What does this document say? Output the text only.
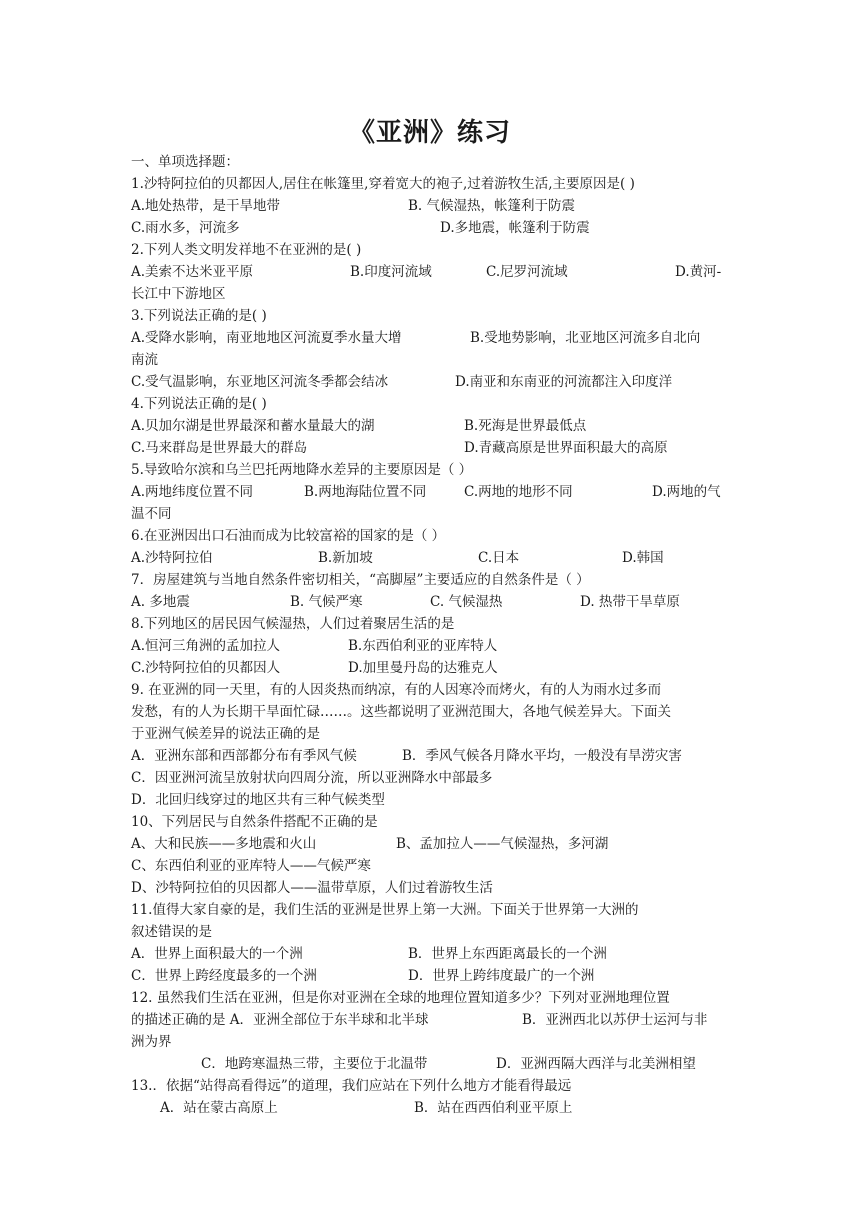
《亚洲》练习
一、单项选择题：
1.沙特阿拉伯的贝都因人,居住在帐篷里,穿着宽大的袍子,过着游牧生活,主要原因是( )
A.地处热带，是干旱地带	B. 气候湿热，帐篷利于防震
C.雨水多，河流多	D.多地震，帐篷利于防震
2.下列人类文明发祥地不在亚洲的是( )
A.美索不达米亚平原	B.印度河流域	C.尼罗河流域	D.黄河-
长江中下游地区
3.下列说法正确的是( )
A.受降水影响，南亚地地区河流夏季水量大增	B.受地势影响，北亚地区河流多自北向
南流
C.受气温影响，东亚地区河流冬季都会结冰	D.南亚和东南亚的河流都注入印度洋
4.下列说法正确的是( )
A.贝加尔湖是世界最深和蓄水量最大的湖	B.死海是世界最低点
C.马来群岛是世界最大的群岛	D.青藏高原是世界面积最大的高原
5.导致哈尔滨和乌兰巴托两地降水差异的主要原因是（ ）
A.两地纬度位置不同	B.两地海陆位置不同	C.两地的地形不同	D.两地的气
温不同
6.在亚洲因出口石油而成为比较富裕的国家的是（ ）
A.沙特阿拉伯	B.新加坡	C.日本	D.韩国
7．房屋建筑与当地自然条件密切相关，“高脚屋”主要适应的自然条件是（ ）
A. 多地震	B. 气候严寒	C. 气候湿热	D. 热带干旱草原
8.下列地区的居民因气候湿热，人们过着聚居生活的是
A.恒河三角洲的孟加拉人	B.东西伯利亚的亚库特人
C.沙特阿拉伯的贝都因人	D.加里曼丹岛的达雅克人
9. 在亚洲的同一天里，有的人因炎热而纳凉，有的人因寒冷而烤火，有的人为雨水过多而
发愁，有的人为长期干旱面忙碌……。这些都说明了亚洲范围大，各地气候差异大。下面关
于亚洲气候差异的说法正确的是
A．亚洲东部和西部都分布有季风气候	B．季风气候各月降水平均，一般没有旱涝灾害
C．因亚洲河流呈放射状向四周分流，所以亚洲降水中部最多
D．北回归线穿过的地区共有三种气候类型
10、下列居民与自然条件搭配不正确的是
A、大和民族——多地震和火山	B、孟加拉人——气候湿热，多河湖
C、东西伯利亚的亚库特人——气候严寒
D、沙特阿拉伯的贝因都人——温带草原，人们过着游牧生活
11.值得大家自豪的是，我们生活的亚洲是世界上第一大洲。下面关于世界第一大洲的
叙述错误的是
A．世界上面积最大的一个洲	B．世界上东西距离最长的一个洲
C．世界上跨经度最多的一个洲	D．世界上跨纬度最广的一个洲
12. 虽然我们生活在亚洲，但是你对亚洲在全球的地理位置知道多少？下列对亚洲地理位置
的描述正确的是 A．亚洲全部位于东半球和北半球	B．亚洲西北以苏伊士运河与非
洲为界
C．地跨寒温热三带，主要位于北温带	D．亚洲西隔大西洋与北美洲相望
13.．依据“站得高看得远”的道理，我们应站在下列什么地方才能看得最远
A．站在蒙古高原上	B．站在西西伯利亚平原上
